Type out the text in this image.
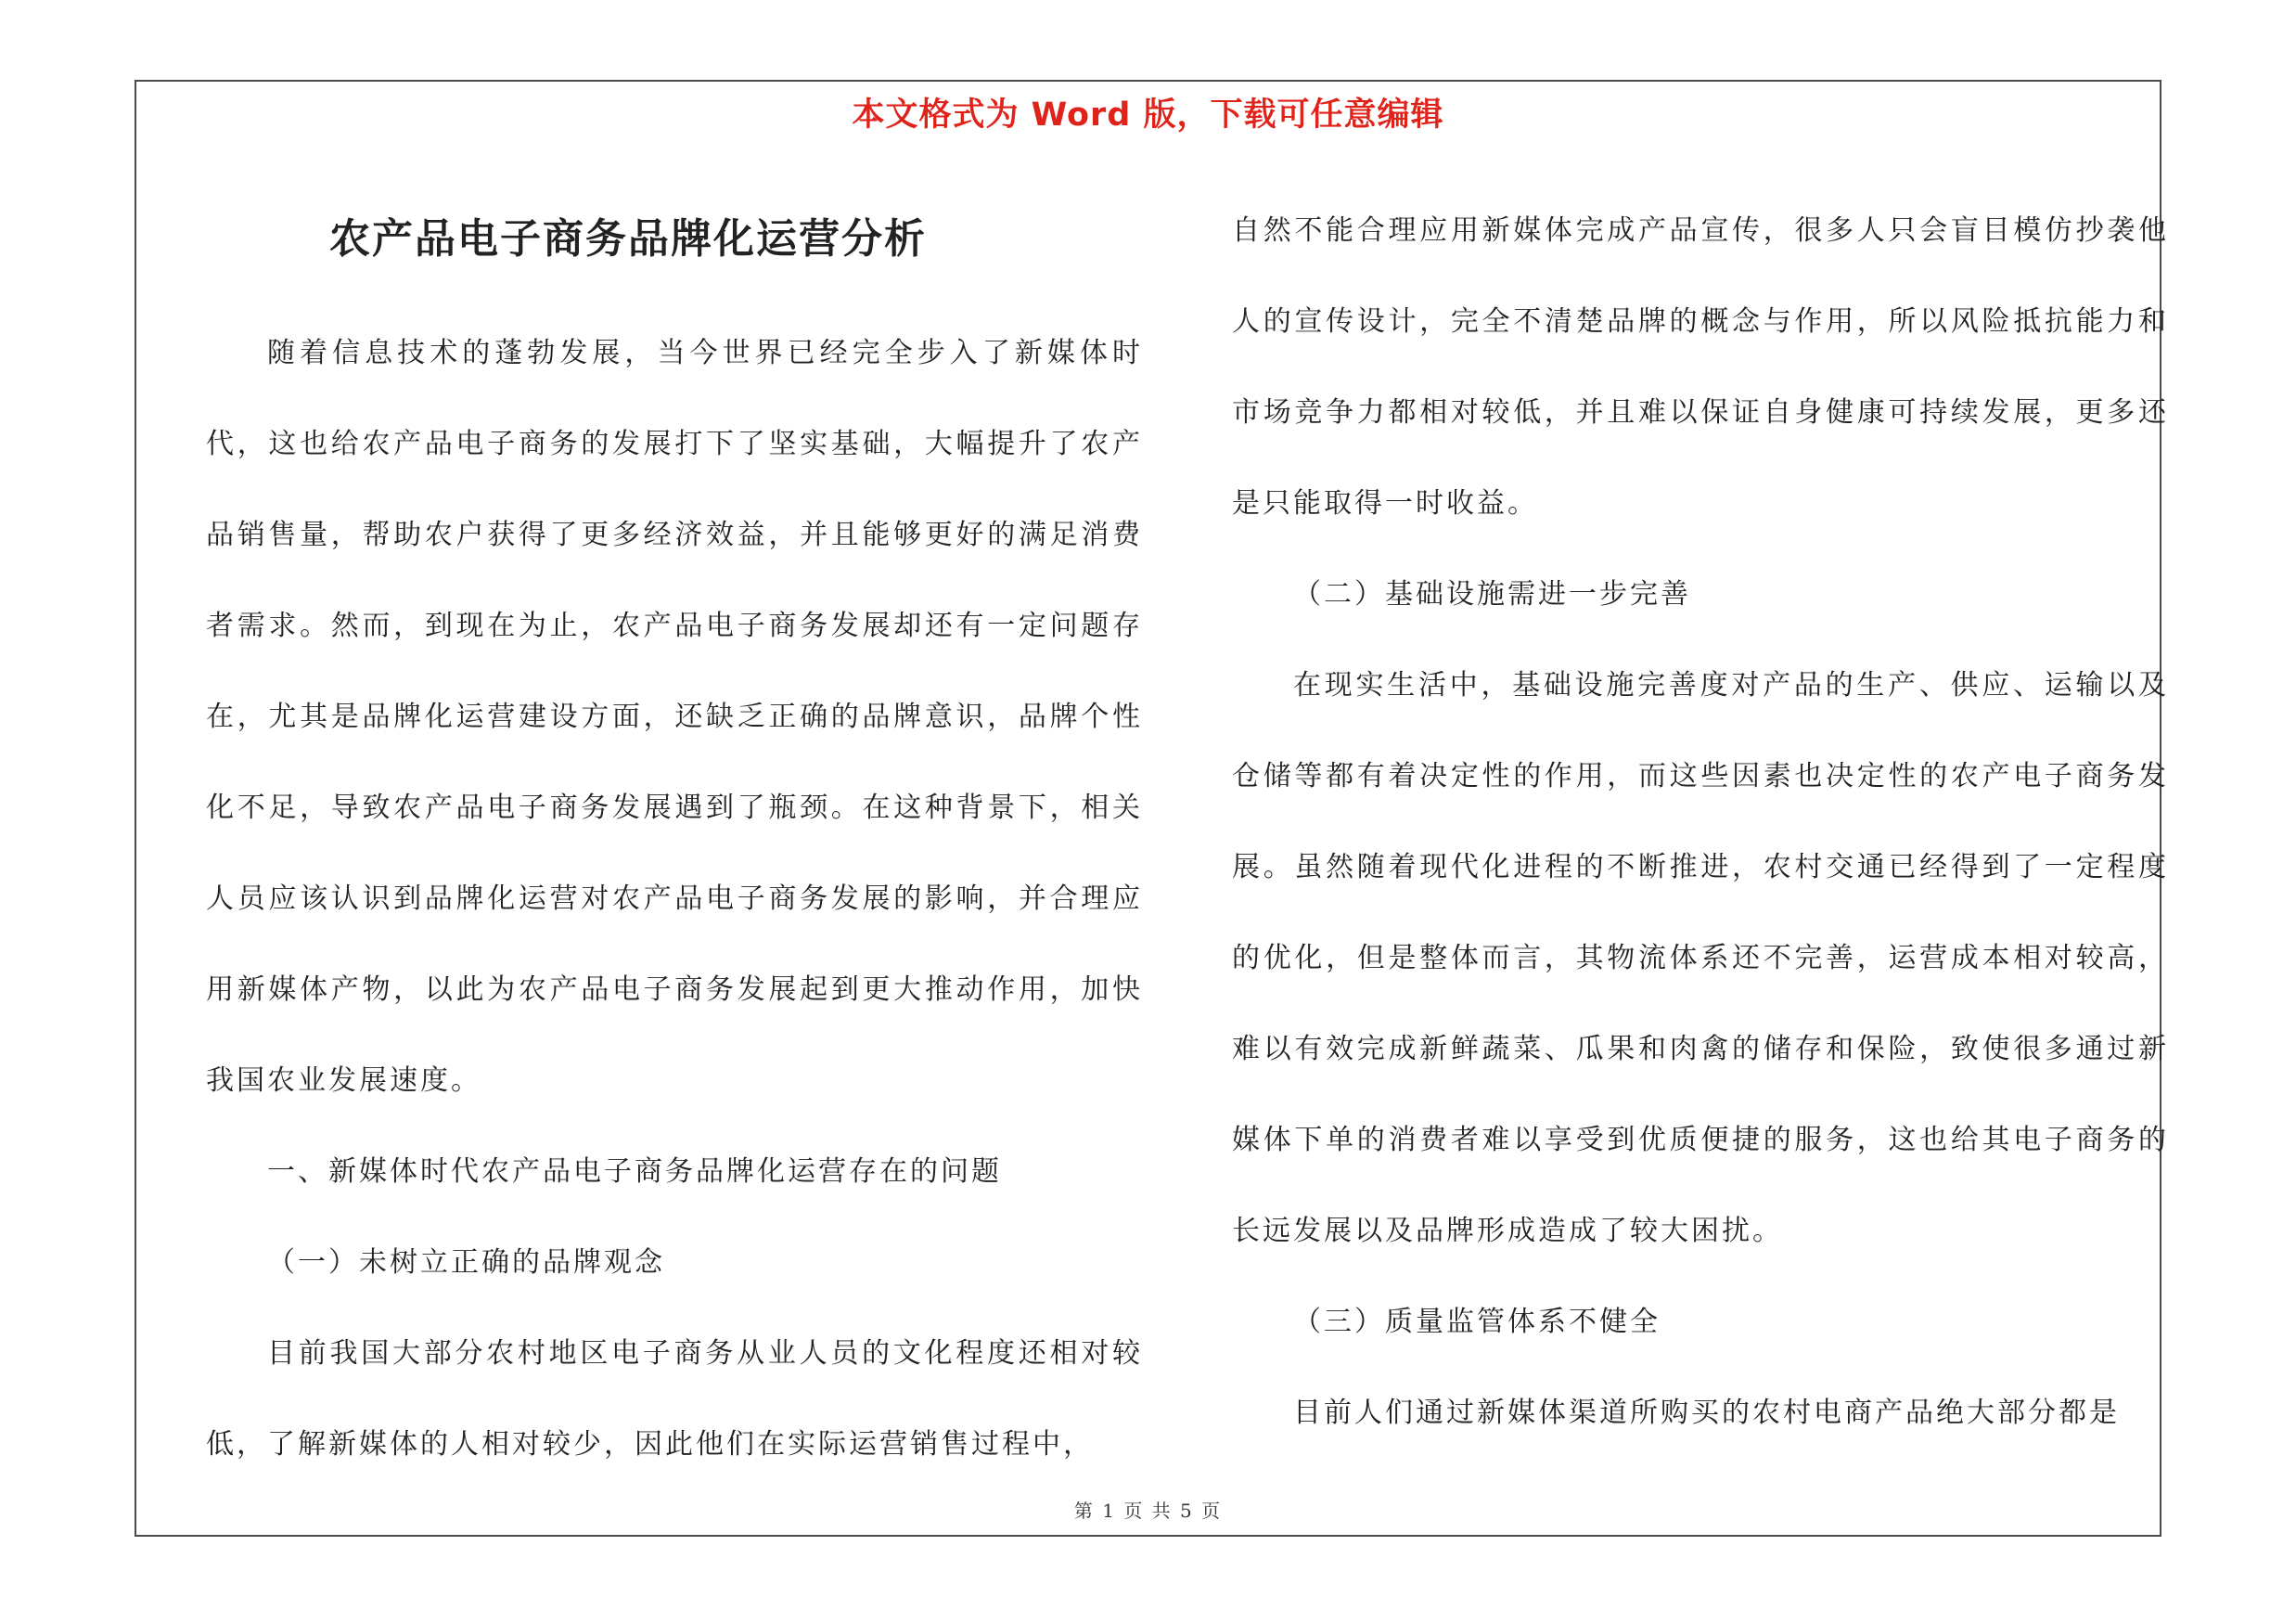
本文格式为 Word 版，下载可任意编辑
农产品电子商务品牌化运营分析

随着信息技术的蓬勃发展，当今世界已经完全步入了新媒体时代，这也给农产品电子商务的发展打下了坚实基础，大幅提升了农产品销售量，帮助农户获得了更多经济效益，并且能够更好的满足消费者需求。然而，到现在为止，农产品电子商务发展却还有一定问题存在，尤其是品牌化运营建设方面，还缺乏正确的品牌意识，品牌个性化不足，导致农产品电子商务发展遇到了瓶颈。在这种背景下，相关人员应该认识到品牌化运营对农产品电子商务发展的影响，并合理应用新媒体产物，以此为农产品电子商务发展起到更大推动作用，加快我国农业发展速度。

一、新媒体时代农产品电子商务品牌化运营存在的问题

（一）未树立正确的品牌观念

目前我国大部分农村地区电子商务从业人员的文化程度还相对较低，了解新媒体的人相对较少，因此他们在实际运营销售过程中，

自然不能合理应用新媒体完成产品宣传，很多人只会盲目模仿抄袭他人的宣传设计，完全不清楚品牌的概念与作用，所以风险抵抗能力和市场竞争力都相对较低，并且难以保证自身健康可持续发展，更多还是只能取得一时收益。

（二）基础设施需进一步完善

在现实生活中，基础设施完善度对产品的生产、供应、运输以及仓储等都有着决定性的作用，而这些因素也决定性的农产电子商务发展。虽然随着现代化进程的不断推进，农村交通已经得到了一定程度的优化，但是整体而言，其物流体系还不完善，运营成本相对较高，难以有效完成新鲜蔬菜、瓜果和肉禽的储存和保险，致使很多通过新媒体下单的消费者难以享受到优质便捷的服务，这也给其电子商务的长远发展以及品牌形成造成了较大困扰。

（三）质量监管体系不健全

目前人们通过新媒体渠道所购买的农村电商产品绝大部分都是

第 1 页 共 5 页
